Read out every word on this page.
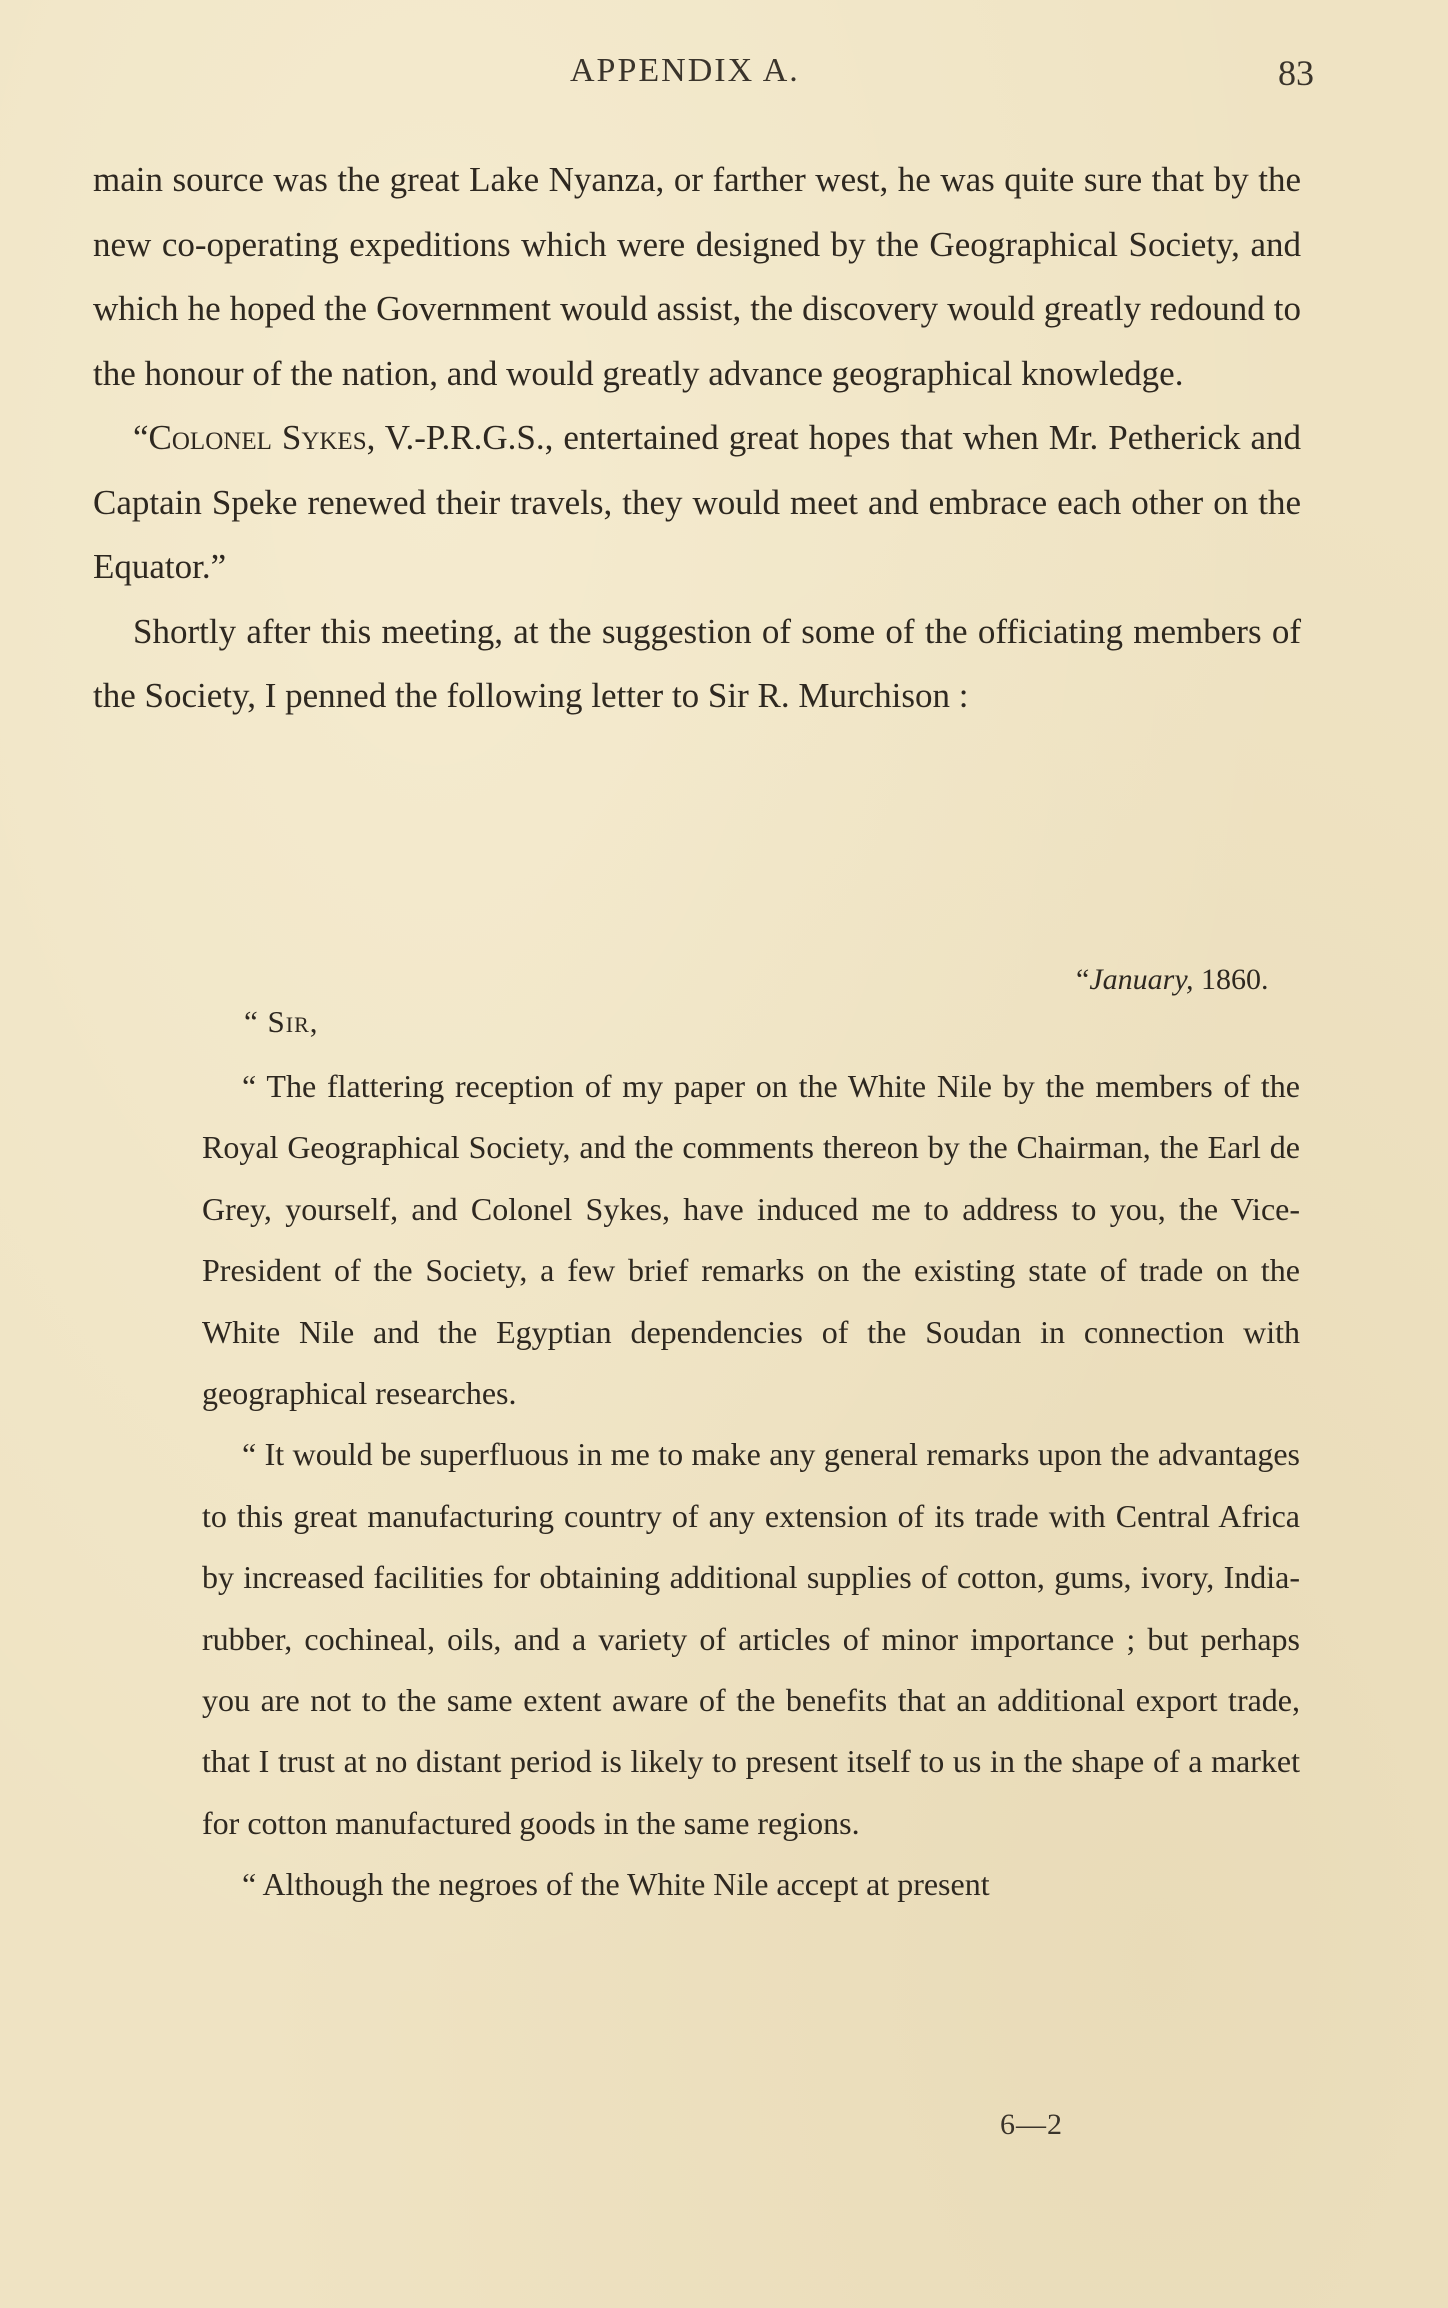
APPENDIX A.	83

main source was the great Lake Nyanza, or farther west, he was quite sure that by the new co-operating expeditions which were designed by the Geographical Society, and which he hoped the Government would assist, the discovery would greatly redound to the honour of the nation, and would greatly advance geographical knowledge.

“Colonel Sykes, V.-P.R.G.S., entertained great hopes that when Mr. Petherick and Captain Speke renewed their travels, they would meet and embrace each other on the Equator.”

Shortly after this meeting, at the suggestion of some of the officiating members of the Society, I penned the following letter to Sir R. Murchison :

“January, 1860.
“ Sir,

“ The flattering reception of my paper on the White Nile by the members of the Royal Geographical Society, and the comments thereon by the Chairman, the Earl de Grey, yourself, and Colonel Sykes, have induced me to address to you, the Vice-President of the Society, a few brief remarks on the existing state of trade on the White Nile and the Egyptian dependencies of the Soudan in connection with geographical researches.

“ It would be superfluous in me to make any general remarks upon the advantages to this great manufacturing country of any extension of its trade with Central Africa by increased facilities for obtaining additional supplies of cotton, gums, ivory, India-rubber, cochineal, oils, and a variety of articles of minor importance ; but perhaps you are not to the same extent aware of the benefits that an additional export trade, that I trust at no distant period is likely to present itself to us in the shape of a market for cotton manufactured goods in the same regions.

“ Although the negroes of the White Nile accept at present

6—2
